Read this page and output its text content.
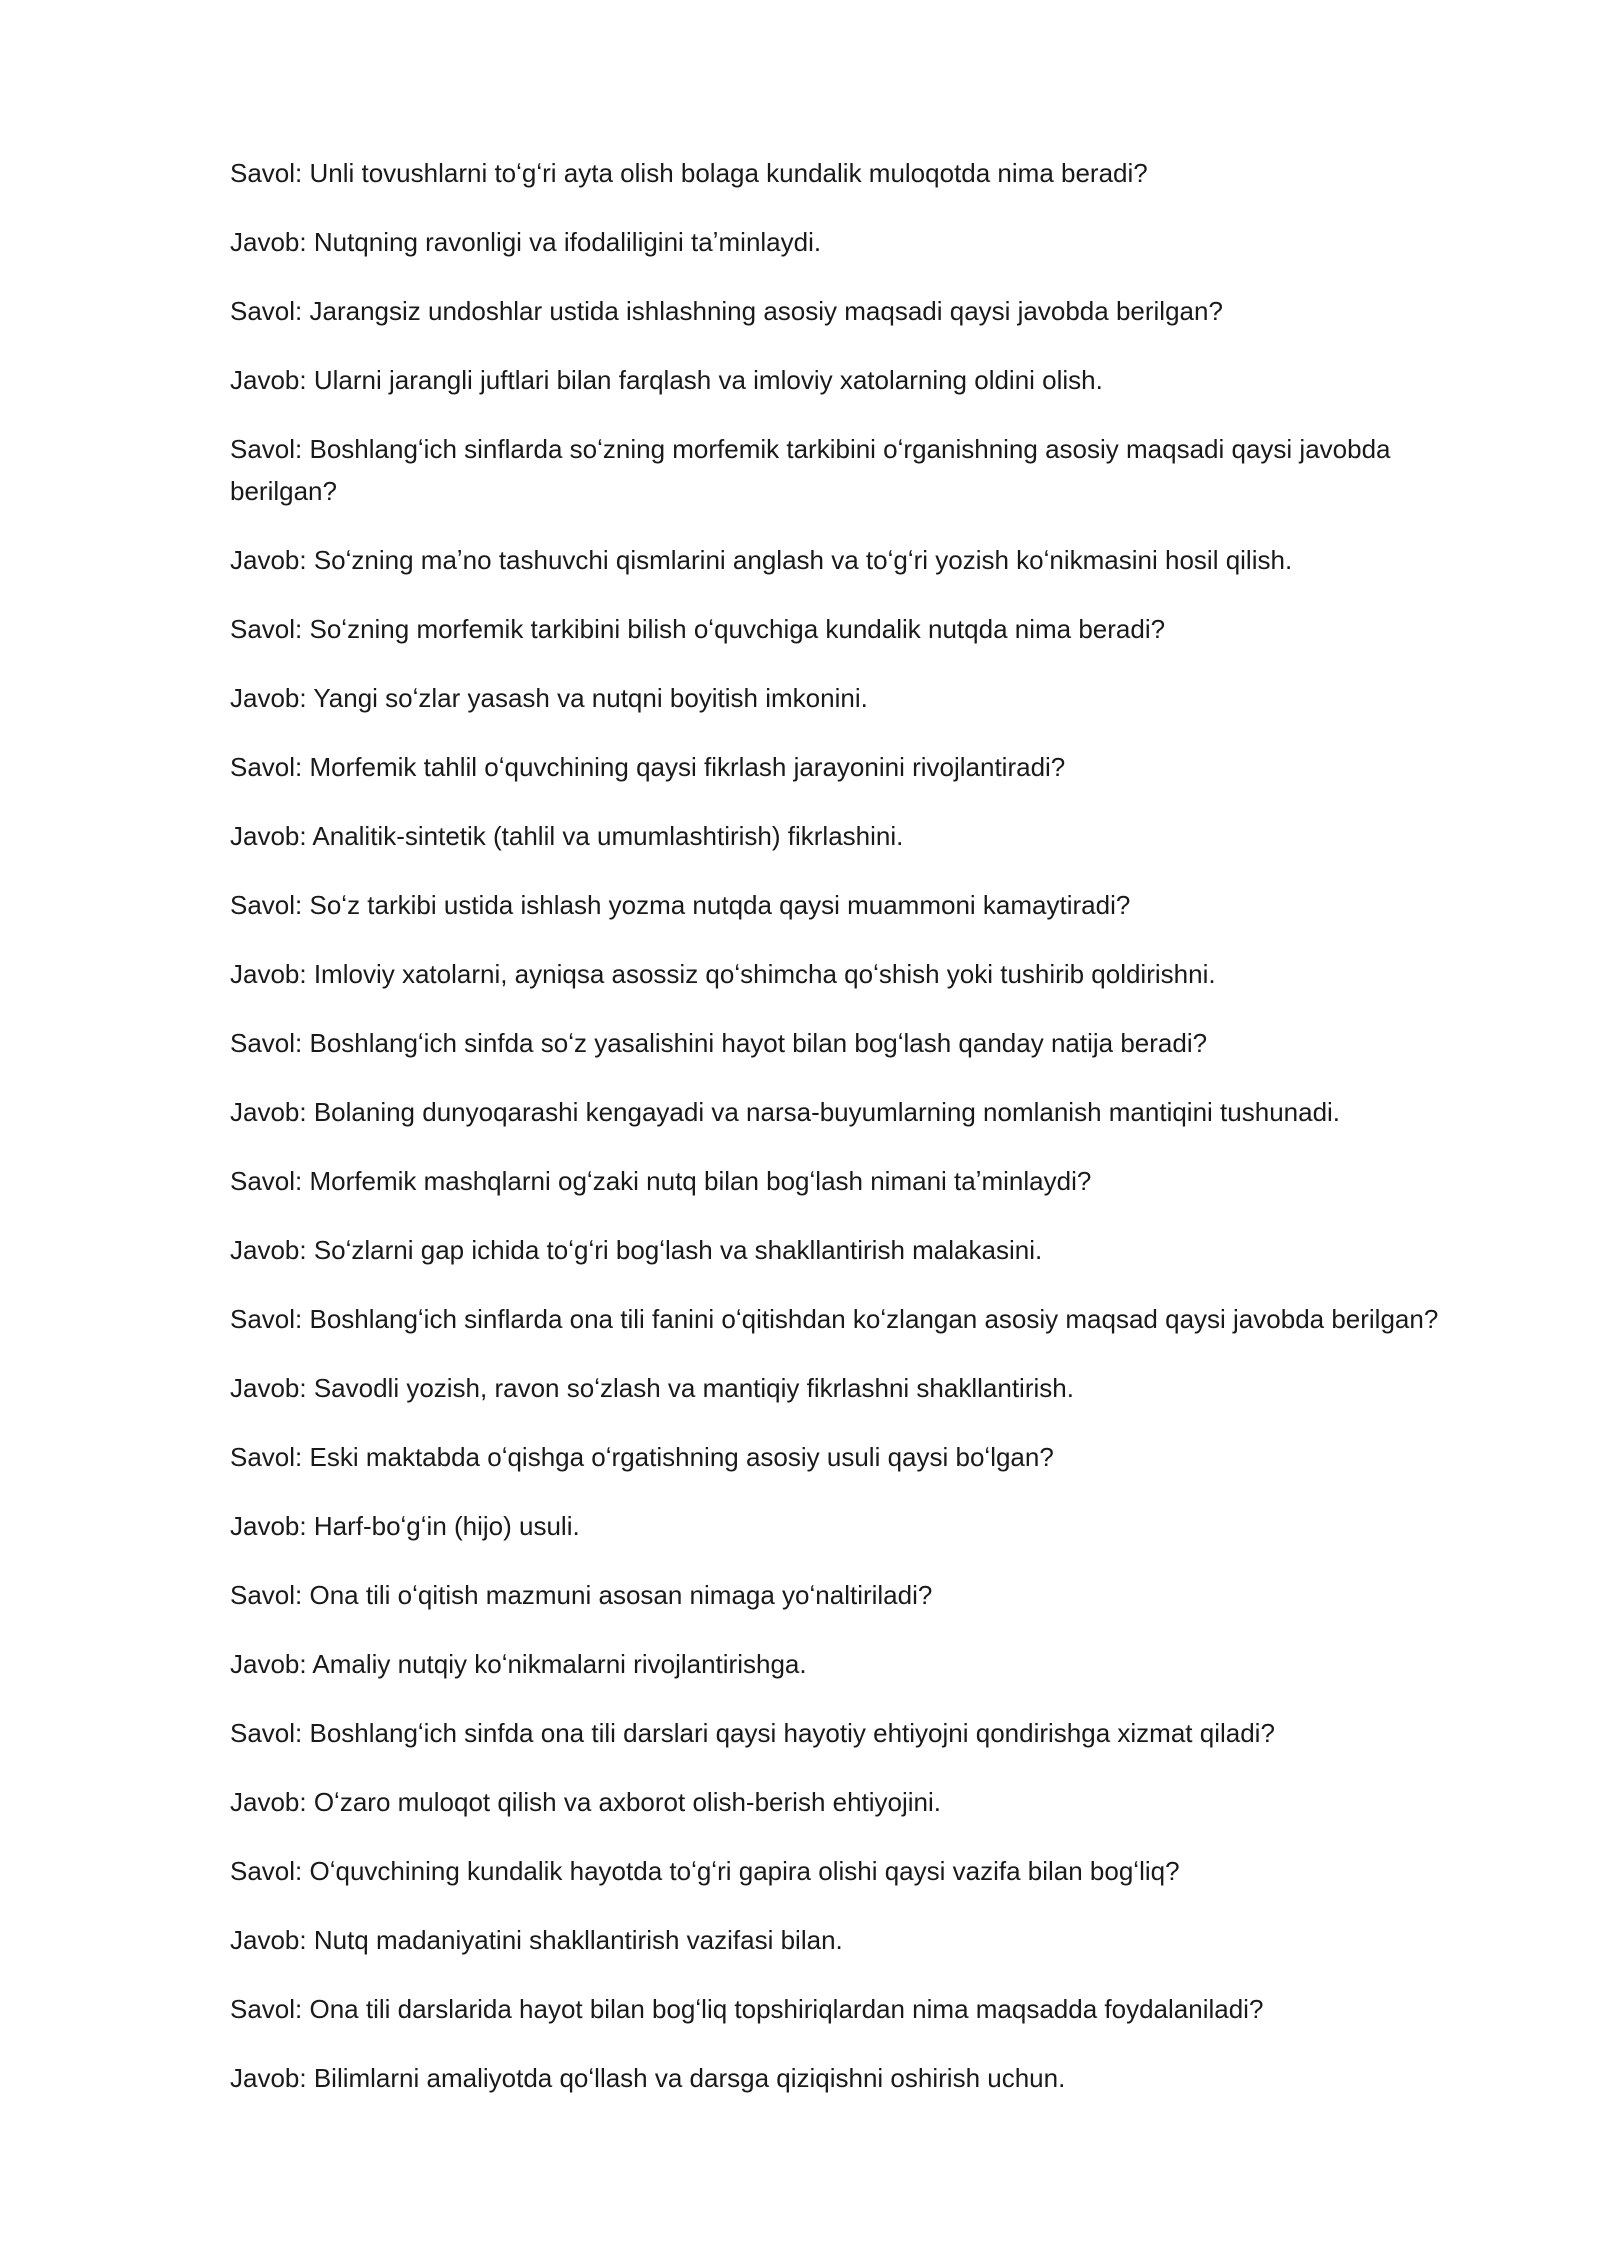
Savol: Unli tovushlarni toʻgʻri ayta olish bolaga kundalik muloqotda nima beradi?

Javob: Nutqning ravonligi va ifodaliligini taʼminlaydi.

Savol: Jarangsiz undoshlar ustida ishlashning asosiy maqsadi qaysi javobda berilgan?

Javob: Ularni jarangli juftlari bilan farqlash va imloviy xatolarning oldini olish.

Savol: Boshlangʻich sinflarda soʻzning morfemik tarkibini oʻrganishning asosiy maqsadi qaysi javobda berilgan?

Javob: Soʻzning maʼno tashuvchi qismlarini anglash va toʻgʻri yozish koʻnikmasini hosil qilish.

Savol: Soʻzning morfemik tarkibini bilish oʻquvchiga kundalik nutqda nima beradi?

Javob: Yangi soʻzlar yasash va nutqni boyitish imkonini.

Savol: Morfemik tahlil oʻquvchining qaysi fikrlash jarayonini rivojlantiradi?

Javob: Analitik-sintetik (tahlil va umumlashtirish) fikrlashini.

Savol: Soʻz tarkibi ustida ishlash yozma nutqda qaysi muammoni kamaytiradi?

Javob: Imloviy xatolarni, ayniqsa asossiz qoʻshimcha qoʻshish yoki tushirib qoldirishni.

Savol: Boshlangʻich sinfda soʻz yasalishini hayot bilan bogʻlash qanday natija beradi?

Javob: Bolaning dunyoqarashi kengayadi va narsa-buyumlarning nomlanish mantiqini tushunadi.

Savol: Morfemik mashqlarni ogʻzaki nutq bilan bogʻlash nimani taʼminlaydi?

Javob: Soʻzlarni gap ichida toʻgʻri bogʻlash va shakllantirish malakasini.

Savol: Boshlangʻich sinflarda ona tili fanini oʻqitishdan koʻzlangan asosiy maqsad qaysi javobda berilgan?

Javob: Savodli yozish, ravon soʻzlash va mantiqiy fikrlashni shakllantirish.

Savol: Eski maktabda oʻqishga oʻrgatishning asosiy usuli qaysi boʻlgan?

Javob: Harf-boʻgʻin (hijo) usuli.

Savol: Ona tili oʻqitish mazmuni asosan nimaga yoʻnaltiriladi?

Javob: Amaliy nutqiy koʻnikmalarni rivojlantirishga.

Savol: Boshlangʻich sinfda ona tili darslari qaysi hayotiy ehtiyojni qondirishga xizmat qiladi?

Javob: Oʻzaro muloqot qilish va axborot olish-berish ehtiyojini.

Savol: Oʻquvchining kundalik hayotda toʻgʻri gapira olishi qaysi vazifa bilan bogʻliq?

Javob: Nutq madaniyatini shakllantirish vazifasi bilan.

Savol: Ona tili darslarida hayot bilan bogʻliq topshiriqlardan nima maqsadda foydalaniladi?

Javob: Bilimlarni amaliyotda qoʻllash va darsga qiziqishni oshirish uchun.
